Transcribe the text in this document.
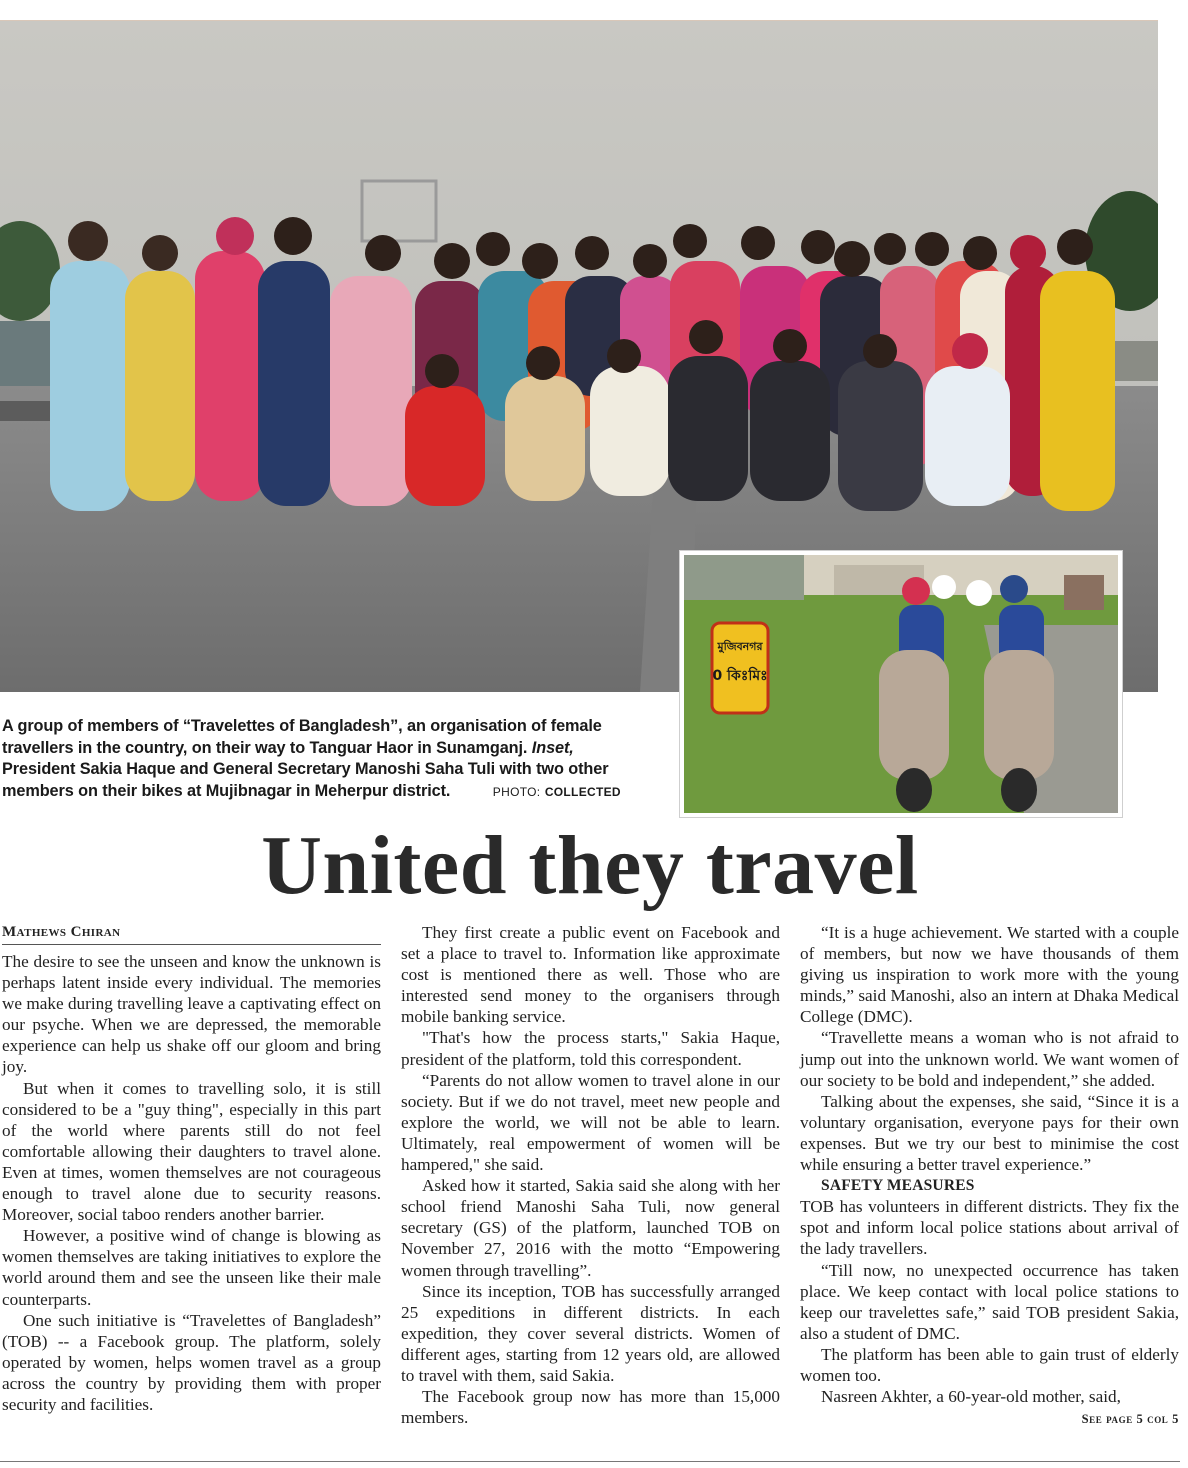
মুজিবনগর
0 কিঃমিঃ
A group of members of “Travelettes of Bangladesh”, an organisation of female
travellers in the country, on their way to Tanguar Haor in Sunamganj. Inset,
President Sakia Haque and General Secretary Manoshi Saha Tuli with two other
members on their bikes at Mujibnagar in Meherpur district.	PHOTO: COLLECTED
United they travel

Mathews Chiran

The desire to see the unseen and know the unknown is perhaps latent inside every individual. The memories we make during travelling leave a captivating effect on our psyche. When we are depressed, the memorable experience can help us shake off our gloom and bring joy.

But when it comes to travelling solo, it is still considered to be a "guy thing", especially in this part of the world where parents still do not feel comfortable allowing their daughters to travel alone. Even at times, women themselves are not courageous enough to travel alone due to security reasons. Moreover, social taboo renders another barrier.

However, a positive wind of change is blowing as women themselves are taking initiatives to explore the world around them and see the unseen like their male counterparts.

One such initiative is “Travelettes of Bangladesh” (TOB) -- a Facebook group. The platform, solely operated by women, helps women travel as a group across the country by providing them with proper security and facilities.

They first create a public event on Facebook and set a place to travel to. Information like approximate cost is mentioned there as well. Those who are interested send money to the organisers through mobile banking service.

"That's how the process starts," Sakia Haque, president of the platform, told this correspondent.

“Parents do not allow women to travel alone in our society. But if we do not travel, meet new people and explore the world, we will not be able to learn. Ultimately, real empowerment of women will be hampered," she said.

Asked how it started, Sakia said she along with her school friend Manoshi Saha Tuli, now general secretary (GS) of the platform, launched TOB on November 27, 2016 with the motto “Empowering women through travelling”.

Since its inception, TOB has successfully arranged 25 expeditions in different districts. In each expedition, they cover several districts. Women of different ages, starting from 12 years old, are allowed to travel with them, said Sakia.

The Facebook group now has more than 15,000 members.

“It is a huge achievement. We started with a couple of members, but now we have thousands of them giving us inspiration to work more with the young minds,” said Manoshi, also an intern at Dhaka Medical College (DMC).

“Travellette means a woman who is not afraid to jump out into the unknown world. We want women of our society to be bold and independent,” she added.

Talking about the expenses, she said, “Since it is a voluntary organisation, everyone pays for their own expenses. But we try our best to minimise the cost while ensuring a better travel experience.”

SAFETY MEASURES

TOB has volunteers in different districts. They fix the spot and inform local police stations about arrival of the lady travellers.

“Till now, no unexpected occurrence has taken place. We keep contact with local police stations to keep our travelettes safe,” said TOB president Sakia, also a student of DMC.

The platform has been able to gain trust of elderly women too.

Nasreen Akhter, a 60-year-old mother, said,

See page 5 col 5
